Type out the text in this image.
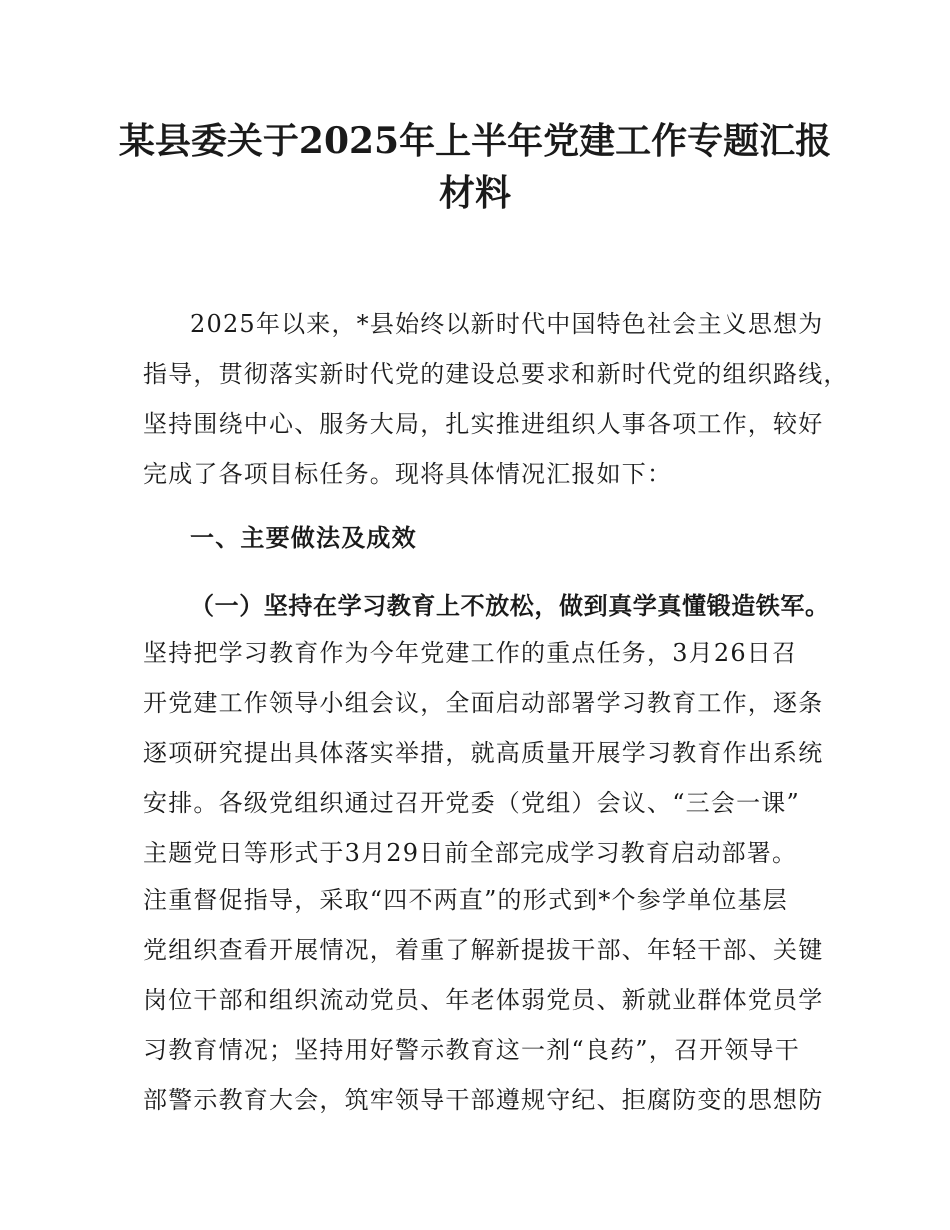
某县委关于2025年上半年党建工作专题汇报
材料
2025年以来，*县始终以新时代中国特色社会主义思想为
指导，贯彻落实新时代党的建设总要求和新时代党的组织路线，
坚持围绕中心、服务大局，扎实推进组织人事各项工作，较好
完成了各项目标任务。现将具体情况汇报如下：
一、主要做法及成效
（一）坚持在学习教育上不放松，做到真学真懂锻造铁军。
坚持把学习教育作为今年党建工作的重点任务，3月26日召
开党建工作领导小组会议，全面启动部署学习教育工作，逐条
逐项研究提出具体落实举措，就高质量开展学习教育作出系统
安排。各级党组织通过召开党委（党组）会议、“三会一课”
主题党日等形式于3月29日前全部完成学习教育启动部署。
注重督促指导，采取“四不两直”的形式到*个参学单位基层
党组织查看开展情况，着重了解新提拔干部、年轻干部、关键
岗位干部和组织流动党员、年老体弱党员、新就业群体党员学
习教育情况；坚持用好警示教育这一剂“良药”，召开领导干
部警示教育大会，筑牢领导干部遵规守纪、拒腐防变的思想防
